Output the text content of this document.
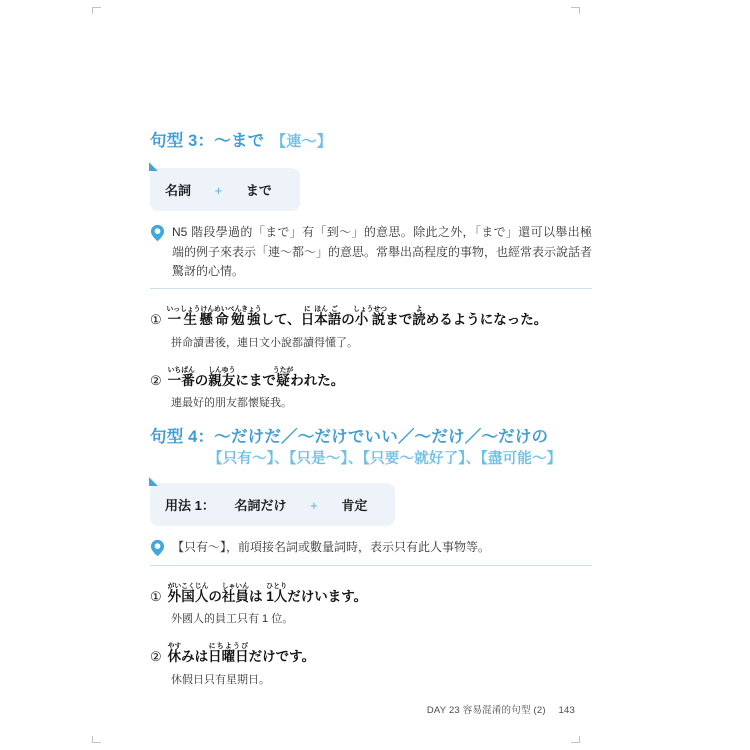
句型 3：〜まで 【連〜】
名詞 + まで

N5 階段學過的「まで」有「到〜」的意思。除此之外，「まで」還可以舉出極端的例子來表示「連〜都〜」的意思。常舉出高程度的事物，也經常表示說話者驚訝的心情。

① 一生懸命勉強いっしょうけんめいべんきょうして、日に本ほん語ごの小説しょうせつまで読よめるようになった。

拼命讀書後，連日文小說都讀得懂了。

② 一番いちばんの親友しんゆうにまで疑うたがわれた。

連最好的朋友都懷疑我。

句型 4：〜だけだ／〜だけでいい／〜だけ／〜だけの
【只有〜】、【只是〜】、【只要〜就好了】、【盡可能〜】
用法 1： 名詞だけ + 肯定

【只有〜】，前項接名詞或數量詞時，表示只有此人事物等。

① 外国人がいこくじんの社員しゃいんは 1人ひとりだけいます。

外國人的員工只有 1 位。

② 休やすみは日曜日にちようびだけです。

休假日只有星期日。

DAY 23 容易混淆的句型 (2) 143
